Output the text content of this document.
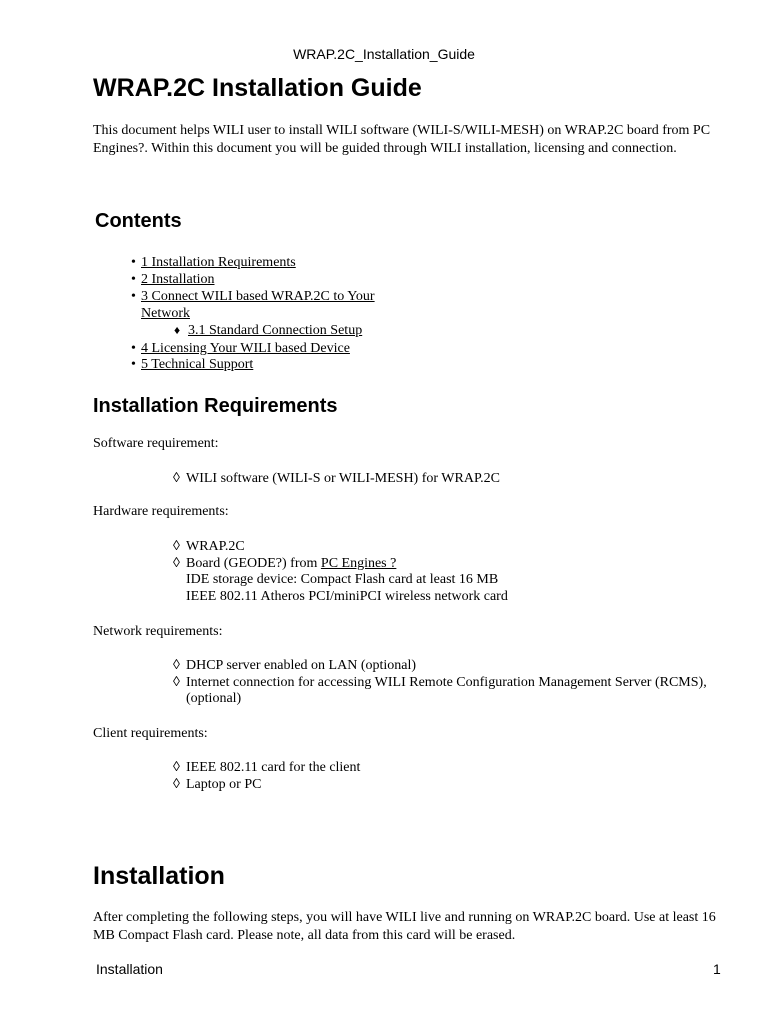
WRAP.2C_Installation_Guide
WRAP.2C Installation Guide
This document helps WILI user to install WILI software (WILI-S/WILI-MESH) on WRAP.2C board from PC Engines?. Within this document you will be guided through WILI installation, licensing and connection.
Contents
• 1 Installation Requirements
• 2 Installation
• 3 Connect WILI based WRAP.2C to Your
Network
♦ 3.1 Standard Connection Setup
• 4 Licensing Your WILI based Device
• 5 Technical Support
Installation Requirements
Software requirement:
◊ WILI software (WILI-S or WILI-MESH) for WRAP.2C
Hardware requirements:
◊ WRAP.2C
◊ Board (GEODE?) from PC Engines ?
IDE storage device: Compact Flash card at least 16 MB
IEEE 802.11 Atheros PCI/miniPCI wireless network card
Network requirements:
◊ DHCP server enabled on LAN (optional)
◊ Internet connection for accessing WILI Remote Configuration Management Server (RCMS),
(optional)
Client requirements:
◊ IEEE 802.11 card for the client
◊ Laptop or PC
Installation
After completing the following steps, you will have WILI live and running on WRAP.2C board. Use at least 16 MB Compact Flash card. Please note, all data from this card will be erased.
Installation	1
